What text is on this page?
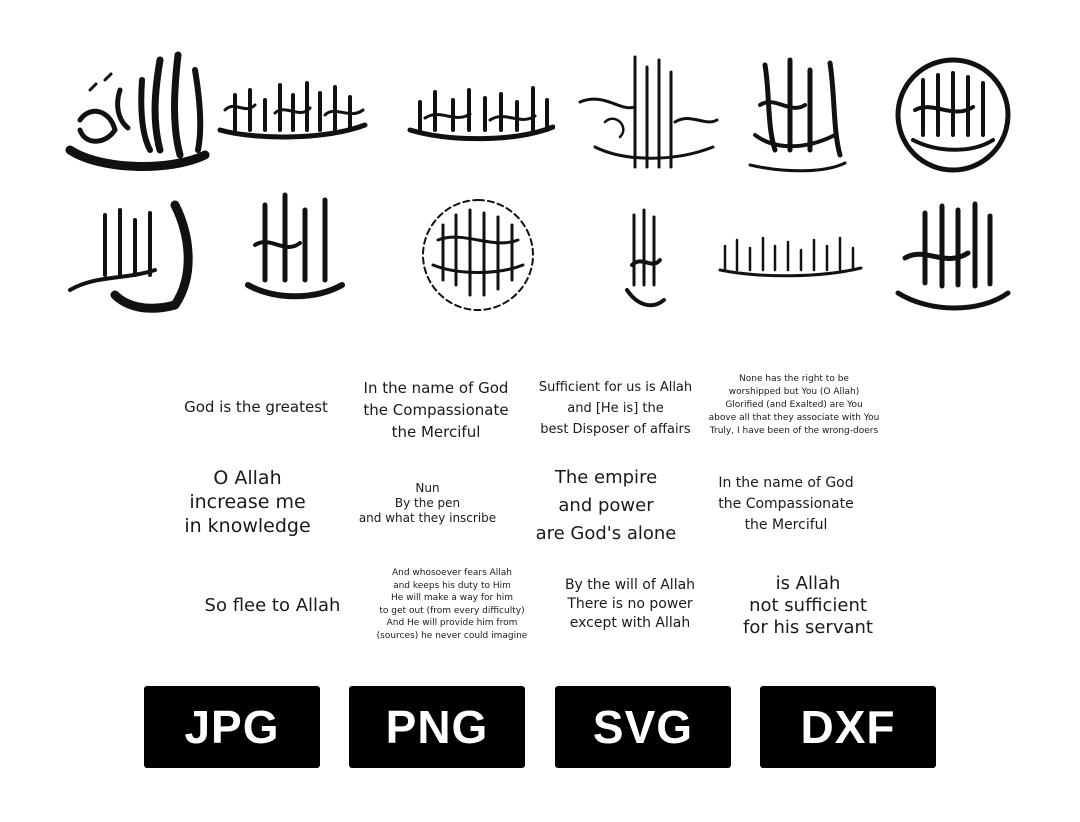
God is the greatest
In the name of God
the Compassionate
the Merciful
Sufficient for us is Allah
and [He is] the
best Disposer of affairs
None has the right to be
worshipped but You (O Allah)
Glorified (and Exalted) are You
above all that they associate with You
Truly, I have been of the wrong-doers
O Allah
increase me
in knowledge
Nun
By the pen
and what they inscribe
The empire
and power
are God's alone
In the name of God
the Compassionate
the Merciful
So flee to Allah
And whosoever fears Allah
and keeps his duty to Him
He will make a way for him
to get out (from every difficulty)
And He will provide him from
(sources) he never could imagine
By the will of Allah
There is no power
except with Allah
is Allah
not sufficient
for his servant
JPG	PNG	SVG	DXF
